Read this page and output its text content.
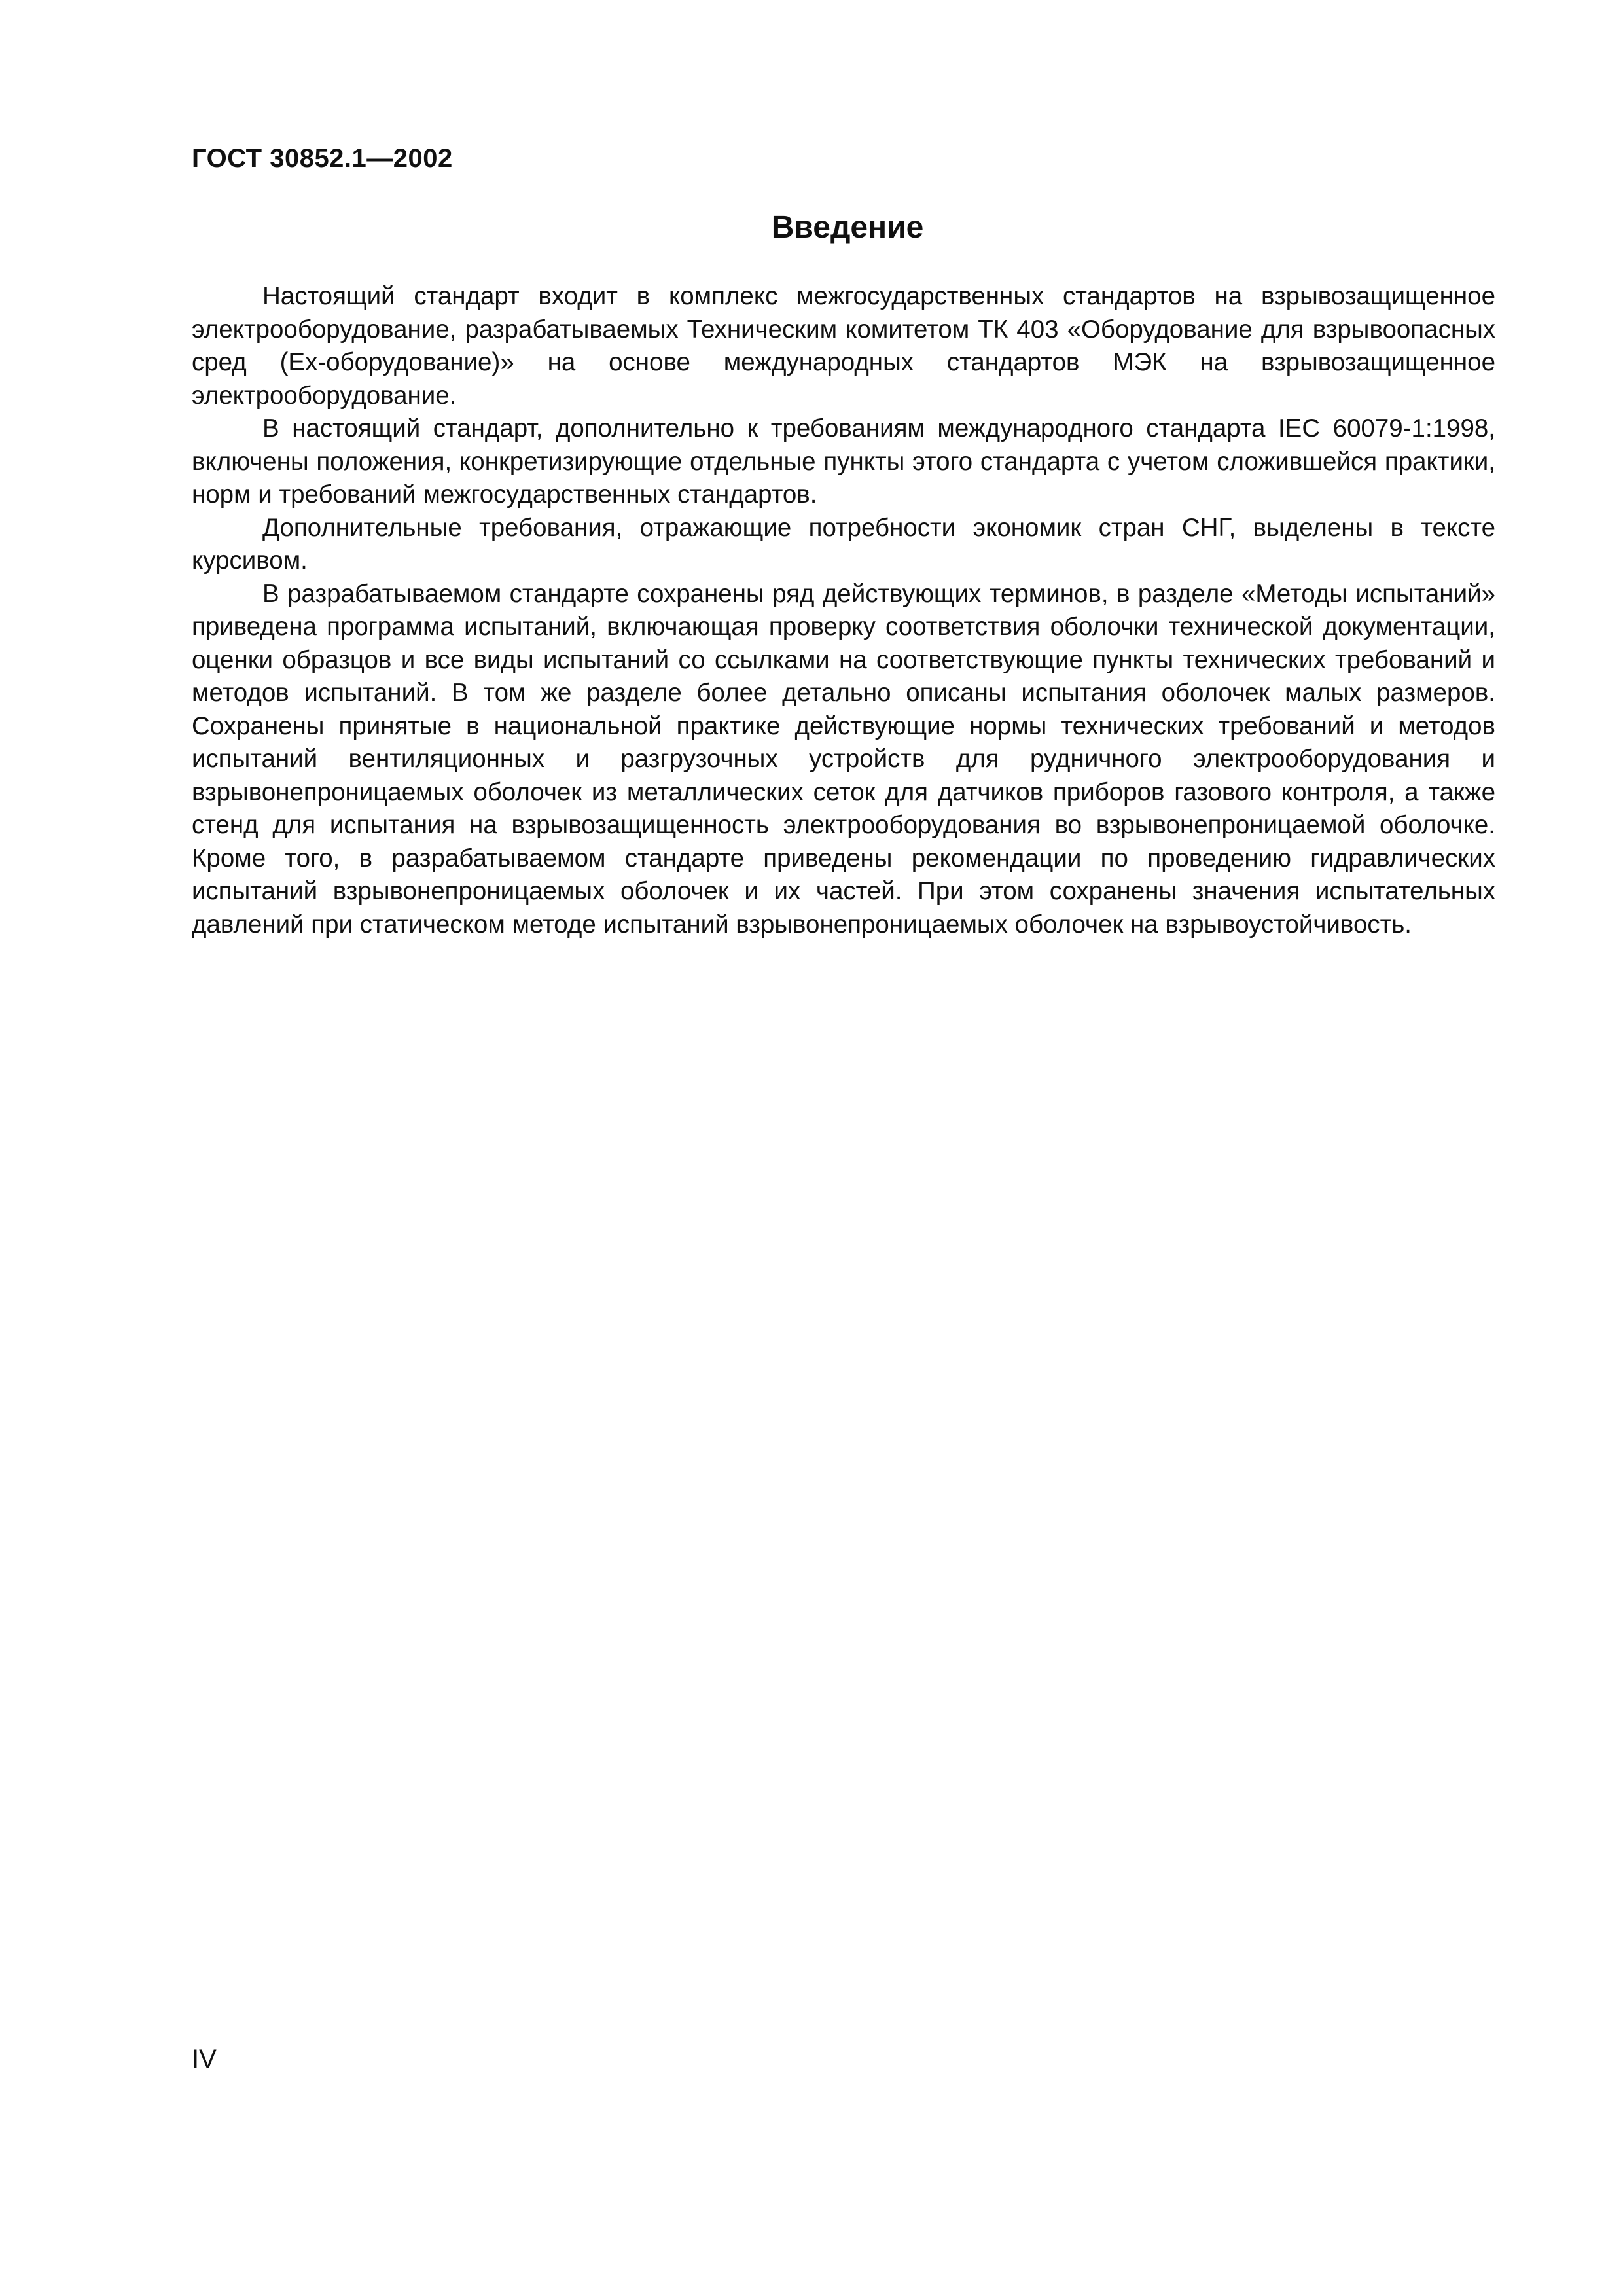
ГОСТ 30852.1—2002
Введение

Настоящий стандарт входит в комплекс межгосударственных стандартов на взрывозащищенное электрооборудование, разрабатываемых Техническим комитетом ТК 403 «Оборудование для взрывоопасных сред (Ex-оборудование)» на основе международных стандартов МЭК на взрывозащищенное электрооборудование.

В настоящий стандарт, дополнительно к требованиям международного стандарта IEC 60079-1:1998, включены положения, конкретизирующие отдельные пункты этого стандарта с учетом сложившейся практики, норм и требований межгосударственных стандартов.

Дополнительные требования, отражающие потребности экономик стран СНГ, выделены в тексте курсивом.

В разрабатываемом стандарте сохранены ряд действующих терминов, в разделе «Методы испытаний» приведена программа испытаний, включающая проверку соответствия оболочки технической документации, оценки образцов и все виды испытаний со ссылками на соответствующие пункты технических требований и методов испытаний. В том же разделе более детально описаны испытания оболочек малых размеров. Сохранены принятые в национальной практике действующие нормы технических требований и методов испытаний вентиляционных и разгрузочных устройств для рудничного электрооборудования и взрывонепроницаемых оболочек из металлических сеток для датчиков приборов газового контроля, а также стенд для испытания на взрывозащищенность электрооборудования во взрывонепроницаемой оболочке. Кроме того, в разрабатываемом стандарте приведены рекомендации по проведению гидравлических испытаний взрывонепроницаемых оболочек и их частей. При этом сохранены значения испытательных давлений при статическом методе испытаний взрывонепроницаемых оболочек на взрывоустойчивость.

IV
